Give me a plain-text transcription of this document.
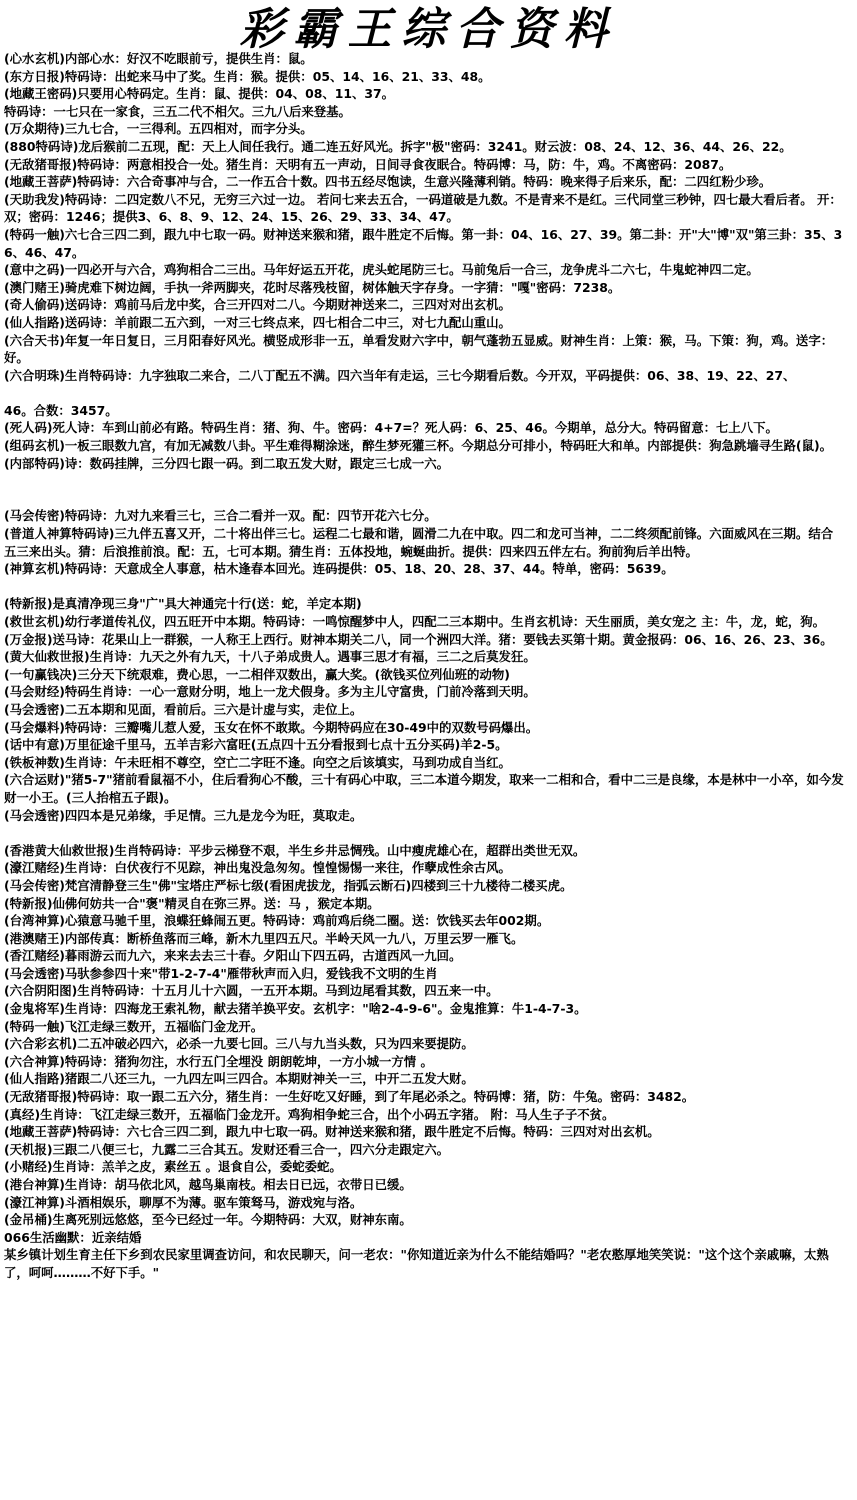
彩霸王综合资料
(心水玄机)内部心水：好汉不吃眼前亏，提供生肖：鼠。
(东方日报)特码诗：出蛇来马中了奖。生肖：猴。提供：05、14、16、21、33、48。
(地藏王密码)只要用心特码定。生肖：鼠、提供：04、08、11、37。
特码诗：一七只在一家食，三五二代不相欠。三九八后来登基。
(万众期待)三九七合，一三得利。五四相对，而字分头。
(880特码诗)龙后猴前二五现，配：天上人间任我行。通二连五好风光。拆字"极"密码：3241。财云波：08、24、12、36、44、26、22。
(无敌猪哥报)特码诗：两意相投合一处。猪生肖：天明有五一声动，日间寻食夜眠合。特码博：马，防：牛，鸡。不离密码：2087。
(地藏王菩萨)特码诗：六合奇事冲与合，二一作五合十数。四书五经尽饱读，生意兴隆薄利销。特码：晚来得子后来乐，配：二四红粉少珍。
(天助我发)特码诗：二四定数八不兄，无穷三六过一边。 若问七来去五合，一码道破是九数。不是青来不是红。三代同堂三秒钟，四七最大看后者。 开：双；密码：1246；提供3、6、8、9、12、24、15、26、29、33、34、47。
(特码一触)六七合三四二到，跟九中七取一码。财神送来猴和猪，跟牛胜定不后悔。第一卦：04、16、27、39。第二卦：开"大"博"双"第三卦：35、36、46、47。
(意中之码)一四必开与六合，鸡狗相合二三出。马年好运五开花，虎头蛇尾防三七。马前兔后一合三，龙争虎斗二六七，牛鬼蛇神四二定。
(澳门赌王)骑虎难下树边阔，手执一斧两脚夹，花时尽落残枝留，树体触天字存身。一字猜："嘎"密码：7238。
(奇人偷码)送码诗：鸡前马后龙中奖，合三开四对二八。今期财神送来二，三四对对出玄机。
(仙人指路)送码诗：羊前跟二五六到，一对三七终点来，四七相合二中三，对七九配山重山。
(六合天书)年复一年日复日，三月阳春好风光。横竖成形非一五，单看发财六字中，朝气蓬勃五显威。财神生肖：上策：猴，马。下策：狗，鸡。送字：好。
(六合明珠)生肖特码诗：九字独取二来合，二八丁配五不满。四六当年有走运，三七今期看后数。今开双，平码提供：06、38、19、22、27、
46。合数：3457。
(死人码)死人诗：车到山前必有路。特码生肖：猪、狗、牛。密码：4+7=？死人码：6、25、46。今期单，总分大。特码留意：七上八下。
(组码玄机)一板三眼数九宫，有加无减数八卦。平生难得糊涂迷，醉生梦死獾三杯。今期总分可排小，特码旺大和单。内部提供：狗急跳墙寻生路(鼠)。
(内部特码)诗：数码挂牌，三分四七跟一码。到二取五发大财，跟定三七成一六。
(马会传密)特码诗：九对九来看三七，三合二看并一双。配：四节开花六七分。
(普道人神算特码诗)三九伴五喜又开，二十将出伴三七。运程二七最和谐，圆滑二九在中取。四二和龙可当神，二二终须配前锋。六面威风在三期。结合五三来出头。猜：后浪推前浪。配：五，七可本期。猜生肖：五体投地，蜿蜒曲折。提供：四来四五伴左右。狗前狗后羊出特。
(神算玄机)特码诗：天意成全人事意，枯木逢春本回光。连码提供：05、18、20、28、37、44。特单，密码：5639。
(特新报)是真清净现三身"广"具大神通完十行(送：蛇，羊定本期)
(救世玄机)幼行孝道传礼仪，四五旺开中本期。特码诗：一鸣惊醒梦中人，四配二三本期中。生肖玄机诗：天生丽质，美女宠之 主：牛，龙，蛇，狗。
(万金报)送马诗：花果山上一群猴，一人称王上西行。财神本期关二八，同一个洲四大洋。猪：要钱去买第十期。黄金报码：06、16、26、23、36。
(黄大仙救世报)生肖诗：九天之外有九天，十八子弟成贵人。遇事三思才有福，三二之后莫发狂。
(一句赢钱决)三分天下统艰难，费心思，一二相伴双数出，赢大奖。(欲钱买位列仙班的动物)
(马会财经)特码生肖诗：一心一意财分明，地上一龙犬假身。多为主儿守富贵，门前冷落到天明。
(马会透密)二五本期和见面，看前后。三六是计虚与实，走位上。
(马会爆料)特码诗：三瓣嘴儿惹人爱，玉女在怀不敢欺。今期特码应在30-49中的双数号码爆出。
(话中有意)万里征途千里马，五羊吉彩六富旺(五点四十五分看报到七点十五分买码)羊2-5。
(铁板神数)生肖诗：午未旺相不尊空，空亡二字旺不逢。向空之后该填实，马到功成自当红。
(六合运财)"猪5-7"猪前看鼠福不小，住后看狗心不酸，三十有码心中取，三二本道今期发，取来一二相和合，看中二三是良缘，本是林中一小卒，如今发财一小王。(三人抬棺五子跟)。
(马会透密)四四本是兄弟缘，手足情。三九是龙今为旺，莫取走。
(香港黄大仙救世报)生肖特码诗：平步云梯登不艰，半生乡井忌惆残。山中瘦虎雄心在，超群出类世无双。
(濠江赌经)生肖诗：白伏夜行不见踪，神出鬼没急匆匆。惶惶惕惕一来往，作孽成性余古风。
(马会传密)梵宫清静登三生"佛"宝塔庄严标七级(看困虎拔龙，指弧云断石)四楼到三十九楼待二楼买虎。
(特新报)仙佛何妨共一合"褒"精灵自在弥三界。送：马 ，猴定本期。
(台湾神算)心猿意马驰千里，浪蝶狂蜂闹五更。特码诗：鸡前鸡后绕二圈。送：饮钱买去年002期。
(港澳赌王)内部传真：断桥鱼落而三峰，新木九里四五尺。半岭天风一九八，万里云罗一雁飞。
(香江赌经)暮雨游云而九六，来来去去三十春。夕阳山下四五码，古道西风一九回。
(马会透密)马驮参参四十来"带1-2-7-4"雁带秋声而入归，爱钱我不文明的生肖
(六合阴阳图)生肖特码诗：十五月儿十六圆，一五开本期。马到边尾看其数，四五来一中。
(金鬼将军)生肖诗：四海龙王索礼物，献去猪羊换平安。玄机字："啥2-4-9-6"。金鬼推算：牛1-4-7-3。
(特码一触)飞江走绿三数开，五福临门金龙开。
(六合彩玄机)二五冲破必四六，必杀一九要七回。三八与九当头数，只为四来要提防。
(六合神算)特码诗：猪狗勿注，水行五门全埋没 朗朗乾坤，一方小城一方情 。
(仙人指路)猪跟二八还三九，一九四左叫三四合。本期财神关一三，中开二五发大财。
(无敌猪哥报)特码诗：取一跟二五六分，猪生肖：一生好吃又好睡，到了年尾必杀之。特码博：猪，防：牛兔。密码：3482。
(真经)生肖诗：飞江走绿三数开，五福临门金龙开。鸡狗相争蛇三合，出个小码五字猪。 附：马人生子子不贫。
(地藏王菩萨)特码诗：六七合三四二到，跟九中七取一码。财神送来猴和猪，跟牛胜定不后悔。特码：三四对对出玄机。
(天机报)三跟二八便三七，九露二三合其五。发财还看三合一，四六分走跟定六。
(小赌经)生肖诗：羔羊之皮，素丝五 。退食自公，委蛇委蛇。
(港台神算)生肖诗：胡马依北风，越鸟巢南枝。相去日已远，衣带日已缓。
(濠江神算)斗酒相娱乐，聊厚不为薄。驱车策驽马，游戏宛与洛。
(金吊桶)生离死别远悠悠，至今已经过一年。今期特码：大双，财神东南。
066生活幽默：近亲结婚
某乡镇计划生育主任下乡到农民家里调查访问，和农民聊天，问一老农："你知道近亲为什么不能结婚吗？"老农憨厚地笑笑说："这个这个亲戚嘛，太熟了，呵呵………不好下手。"
